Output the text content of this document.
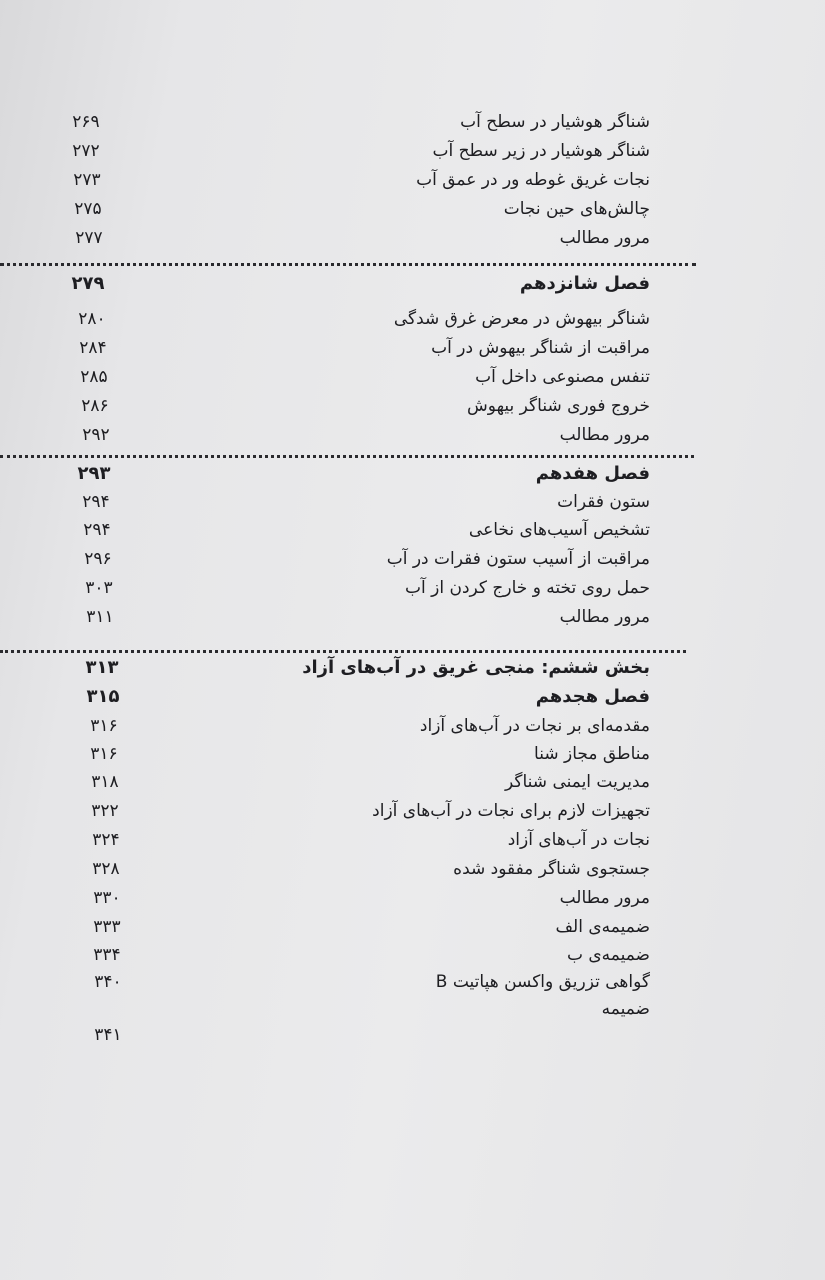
شناگر هوشیار در سطح آب
۲۶۹
شناگر هوشیار در زیر سطح آب
۲۷۲
نجات غریق غوطه ور در عمق آب
۲۷۳
چالش‌های حین نجات
۲۷۵
مرور مطالب
۲۷۷
فصل شانزدهم
۲۷۹
شناگر بیهوش در معرض غرق شدگی
۲۸۰
مراقبت از شناگر بیهوش در آب
۲۸۴
تنفس مصنوعی داخل آب
۲۸۵
خروج فوری شناگر بیهوش
۲۸۶
مرور مطالب
۲۹۲
فصل هفدهم
۲۹۳
ستون فقرات
۲۹۴
تشخیص آسیب‌های نخاعی
۲۹۴
مراقبت از آسیب ستون فقرات در آب
۲۹۶
حمل روی تخته و خارج کردن از آب
۳۰۳
مرور مطالب
۳۱۱
بخش ششم: منجی غریق در آب‌های آزاد
۳۱۳
فصل هجدهم
۳۱۵
مقدمه‌ای بر نجات در آب‌های آزاد
۳۱۶
مناطق مجاز شنا
۳۱۶
مدیریت ایمنی شناگر
۳۱۸
تجهیزات لازم برای نجات در آب‌های آزاد
۳۲۲
نجات در آب‌های آزاد
۳۲۴
جستجوی شناگر مفقود شده
۳۲۸
مرور مطالب
۳۳۰
ضمیمه‌ی الف
۳۳۳
ضمیمه‌ی ب
۳۳۴
گواهی تزریق واکسن هپاتیت B
۳۴۰
ضمیمه
۳۴۱
